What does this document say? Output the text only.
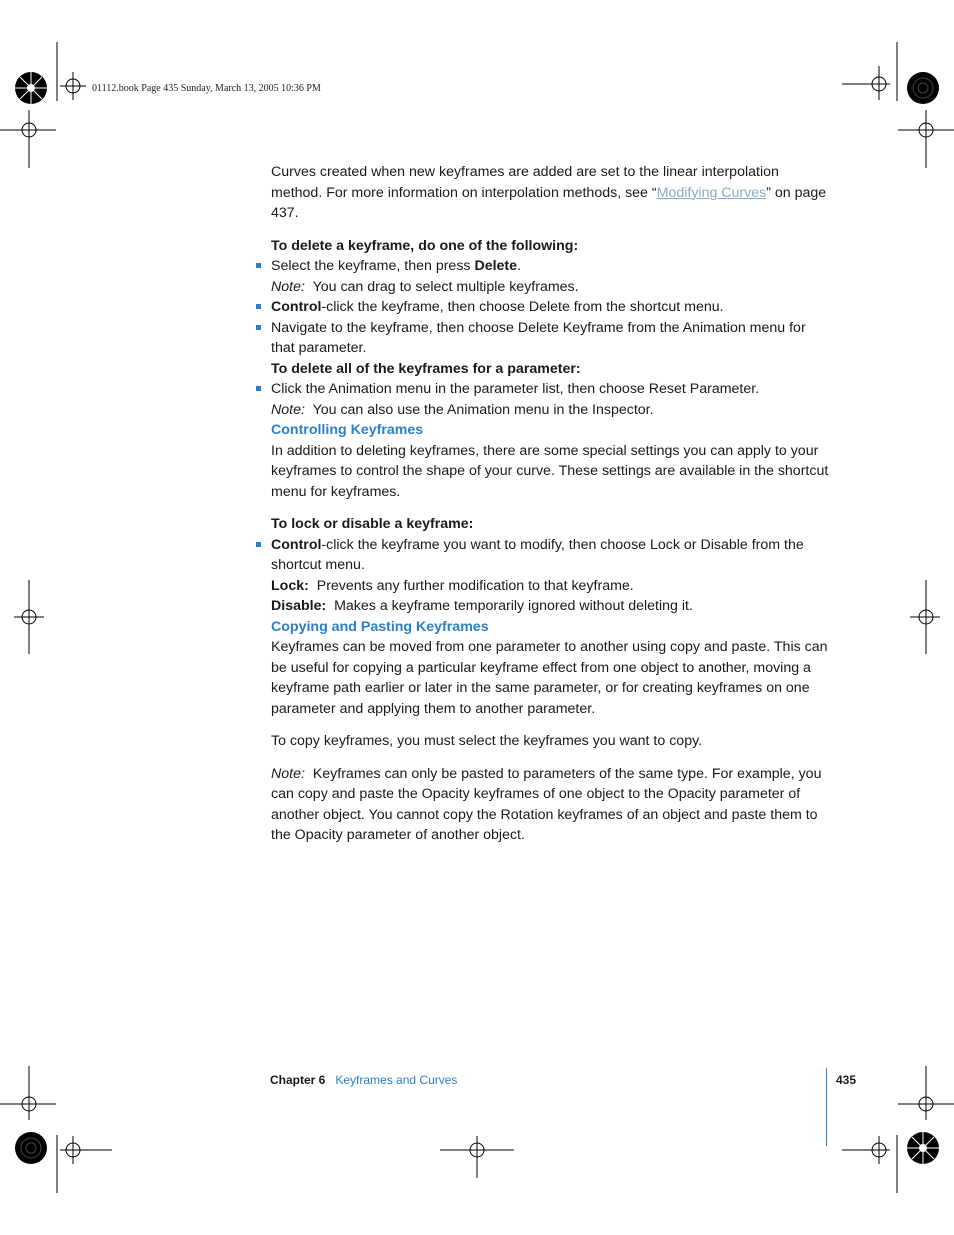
01112.book Page 435 Sunday, March 13, 2005 10:36 PM

Curves created when new keyframes are added are set to the linear interpolation method. For more information on interpolation methods, see “Modifying Curves” on page 437.

To delete a keyframe, do one of the following:

Select the keyframe, then press Delete.

Note: You can drag to select multiple keyframes.

Control-click the keyframe, then choose Delete from the shortcut menu.

Navigate to the keyframe, then choose Delete Keyframe from the Animation menu for that parameter.

To delete all of the keyframes for a parameter:

Click the Animation menu in the parameter list, then choose Reset Parameter.

Note: You can also use the Animation menu in the Inspector.

Controlling Keyframes

In addition to deleting keyframes, there are some special settings you can apply to your keyframes to control the shape of your curve. These settings are available in the shortcut menu for keyframes.

To lock or disable a keyframe:

Control-click the keyframe you want to modify, then choose Lock or Disable from the shortcut menu.

Lock: Prevents any further modification to that keyframe.

Disable: Makes a keyframe temporarily ignored without deleting it.

Copying and Pasting Keyframes

Keyframes can be moved from one parameter to another using copy and paste. This can be useful for copying a particular keyframe effect from one object to another, moving a keyframe path earlier or later in the same parameter, or for creating keyframes on one parameter and applying them to another parameter.

To copy keyframes, you must select the keyframes you want to copy.

Note: Keyframes can only be pasted to parameters of the same type. For example, you can copy and paste the Opacity keyframes of one object to the Opacity parameter of another object. You cannot copy the Rotation keyframes of an object and paste them to the Opacity parameter of another object.

Chapter 6 Keyframes and Curves	435
